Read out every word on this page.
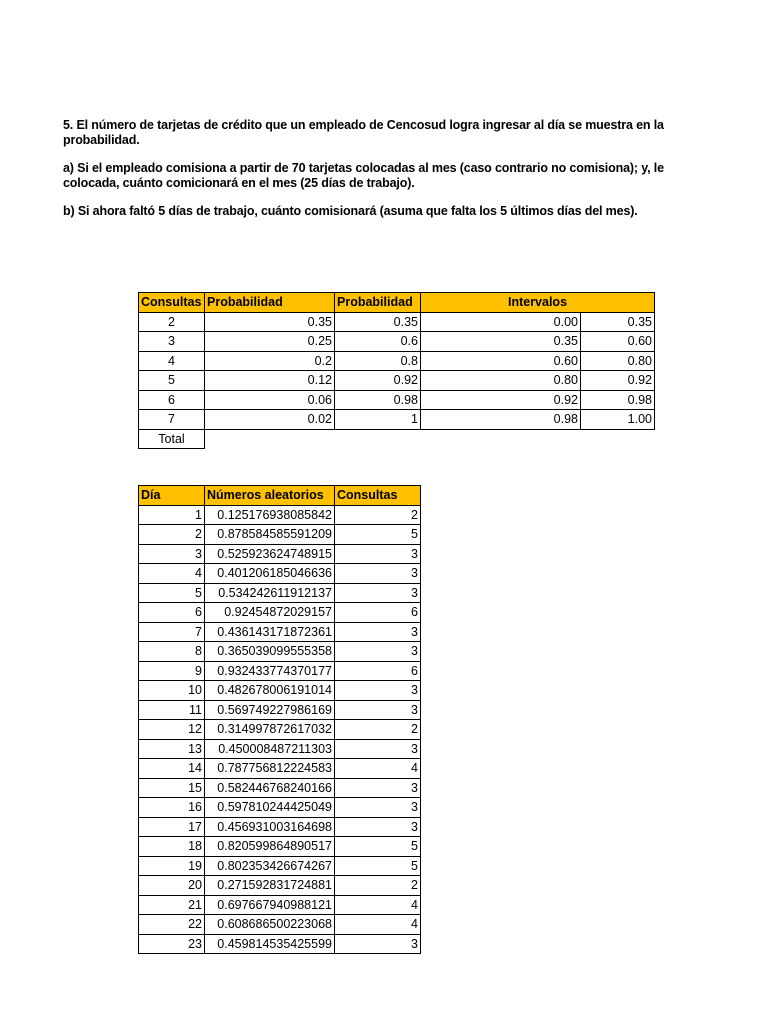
5. El número de tarjetas de crédito que un empleado de Cencosud logra ingresar al día se muestra en la probabilidad.

a) Si el empleado comisiona a partir de 70 tarjetas colocadas al mes (caso contrario no comisiona); y, le colocada, cuánto comicionará en el mes (25 días de trabajo).

b) Si ahora faltó 5 días de trabajo, cuánto comisionará (asuma que falta los 5 últimos días del mes).

Consultas	Probabilidad	Probabilidad	Intervalos	
2	0.35	0.35	0.00	0.35
3	0.25	0.6	0.35	0.60
4	0.2	0.8	0.60	0.80
5	0.12	0.92	0.80	0.92
6	0.06	0.98	0.92	0.98
7	0.02	1	0.98	1.00
Total				
Día	Números aleatorios	Consultas
1	0.125176938085842	2
2	0.878584585591209	5
3	0.525923624748915	3
4	0.401206185046636	3
5	0.534242611912137	3
6	0.92454872029157	6
7	0.436143171872361	3
8	0.365039099555358	3
9	0.932433774370177	6
10	0.482678006191014	3
11	0.569749227986169	3
12	0.314997872617032	2
13	0.450008487211303	3
14	0.787756812224583	4
15	0.582446768240166	3
16	0.597810244425049	3
17	0.456931003164698	3
18	0.820599864890517	5
19	0.802353426674267	5
20	0.271592831724881	2
21	0.697667940988121	4
22	0.608686500223068	4
23	0.459814535425599	3
